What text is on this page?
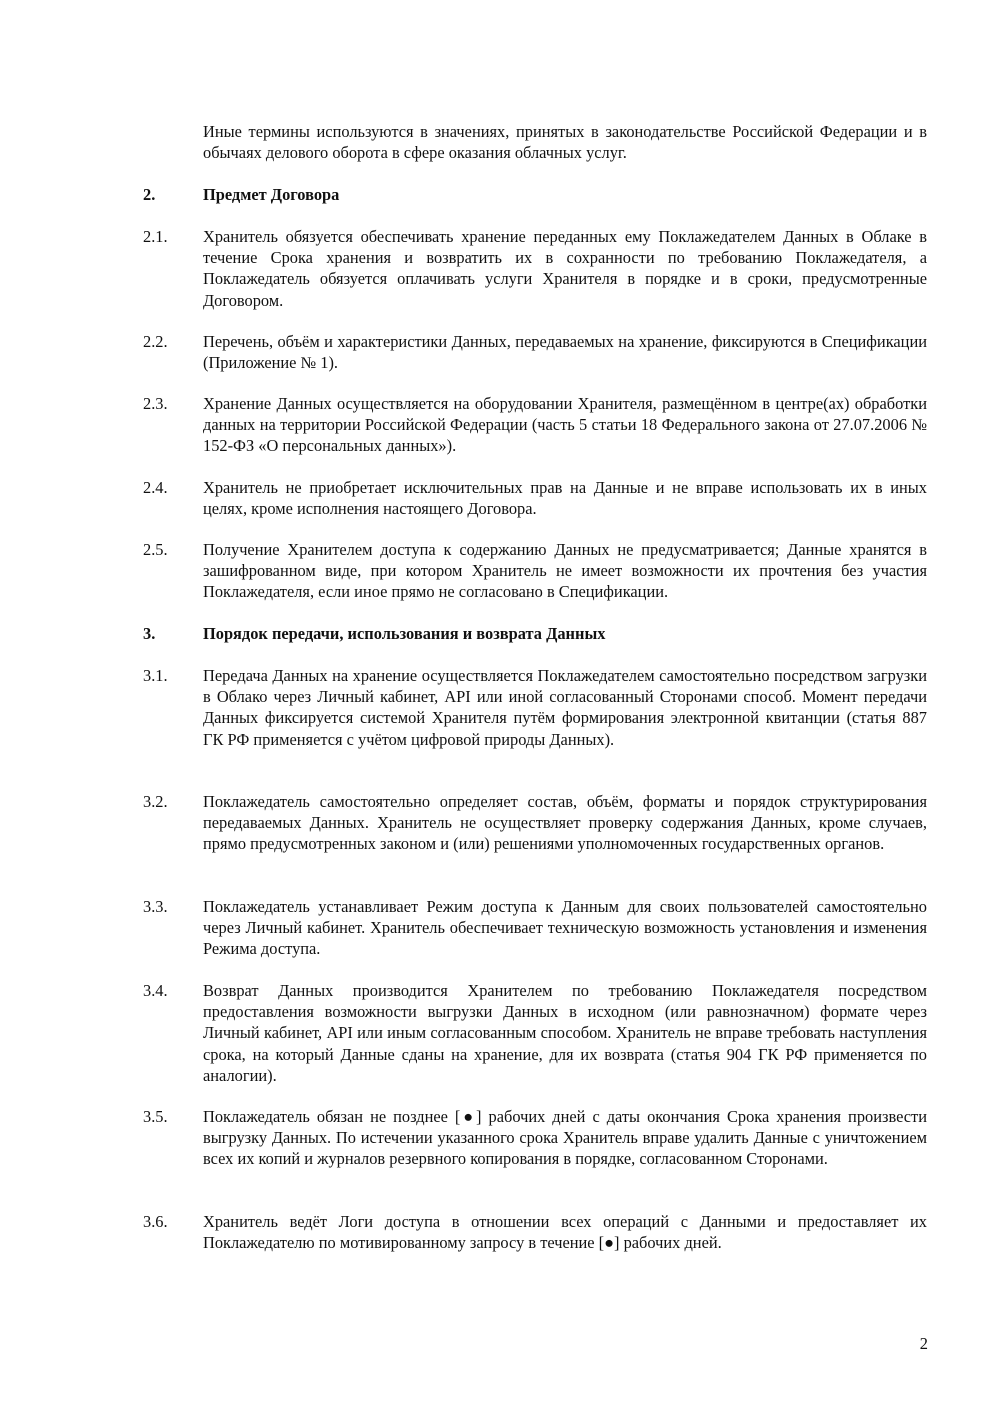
Иные термины используются в значениях, принятых в законодательстве Российской Федерации и в обычаях делового оборота в сфере оказания облачных услуг.
2.	Предмет Договора
2.1. Хранитель обязуется обеспечивать хранение переданных ему Поклажедателем Данных в Облаке в течение Срока хранения и возвратить их в сохранности по требованию Поклажедателя, а Поклажедатель обязуется оплачивать услуги Хранителя в порядке и в сроки, предусмотренные Договором.
2.2. Перечень, объём и характеристики Данных, передаваемых на хранение, фиксируются в Спецификации (Приложение № 1).
2.3. Хранение Данных осуществляется на оборудовании Хранителя, размещённом в центре(ах) обработки данных на территории Российской Федерации (часть 5 статьи 18 Федерального закона от 27.07.2006 № 152-ФЗ «О персональных данных»).
2.4. Хранитель не приобретает исключительных прав на Данные и не вправе использовать их в иных целях, кроме исполнения настоящего Договора.
2.5. Получение Хранителем доступа к содержанию Данных не предусматривается; Данные хранятся в зашифрованном виде, при котором Хранитель не имеет возможности их прочтения без участия Поклажедателя, если иное прямо не согласовано в Спецификации.
3.	Порядок передачи, использования и возврата Данных
3.1. Передача Данных на хранение осуществляется Поклажедателем самостоятельно посредством загрузки в Облако через Личный кабинет, API или иной согласованный Сторонами способ. Момент передачи Данных фиксируется системой Хранителя путём формирования электронной квитанции (статья 887 ГК РФ применяется с учётом цифровой природы Данных).
3.2. Поклажедатель самостоятельно определяет состав, объём, форматы и порядок структурирования передаваемых Данных. Хранитель не осуществляет проверку содержания Данных, кроме случаев, прямо предусмотренных законом и (или) решениями уполномоченных государственных органов.
3.3. Поклажедатель устанавливает Режим доступа к Данным для своих пользователей самостоятельно через Личный кабинет. Хранитель обеспечивает техническую возможность установления и изменения Режима доступа.
3.4. Возврат Данных производится Хранителем по требованию Поклажедателя посредством предоставления возможности выгрузки Данных в исходном (или равнозначном) формате через Личный кабинет, API или иным согласованным способом. Хранитель не вправе требовать наступления срока, на который Данные сданы на хранение, для их возврата (статья 904 ГК РФ применяется по аналогии).
3.5. Поклажедатель обязан не позднее [●] рабочих дней с даты окончания Срока хранения произвести выгрузку Данных. По истечении указанного срока Хранитель вправе удалить Данные с уничтожением всех их копий и журналов резервного копирования в порядке, согласованном Сторонами.
3.6. Хранитель ведёт Логи доступа в отношении всех операций с Данными и предоставляет их Поклажедателю по мотивированному запросу в течение [●] рабочих дней.
2
